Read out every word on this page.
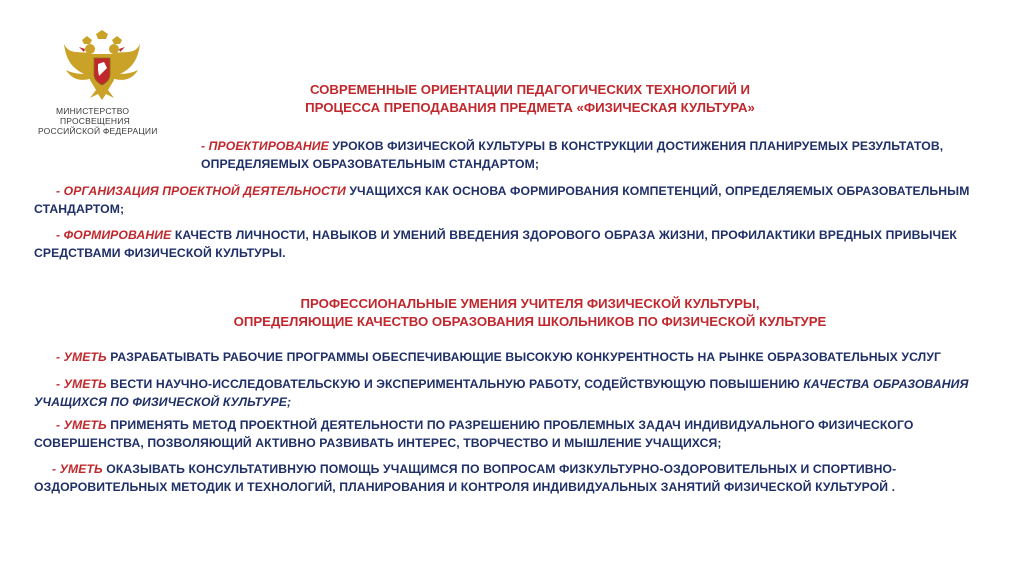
МИНИСТЕРСТВО
ПРОСВЕЩЕНИЯ
РОССИЙСКОЙ ФЕДЕРАЦИИ
СОВРЕМЕННЫЕ ОРИЕНТАЦИИ ПЕДАГОГИЧЕСКИХ ТЕХНОЛОГИЙ И
ПРОЦЕССА ПРЕПОДАВАНИЯ ПРЕДМЕТА «ФИЗИЧЕСКАЯ КУЛЬТУРА»
- ПРОЕКТИРОВАНИЕ УРОКОВ ФИЗИЧЕСКОЙ КУЛЬТУРЫ В КОНСТРУКЦИИ ДОСТИЖЕНИЯ ПЛАНИРУЕМЫХ РЕЗУЛЬТАТОВ,
ОПРЕДЕЛЯЕМЫХ ОБРАЗОВАТЕЛЬНЫМ СТАНДАРТОМ;
- ОРГАНИЗАЦИЯ ПРОЕКТНОЙ ДЕЯТЕЛЬНОСТИ УЧАЩИХСЯ КАК ОСНОВА ФОРМИРОВАНИЯ КОМПЕТЕНЦИЙ, ОПРЕДЕЛЯЕМЫХ ОБРАЗОВАТЕЛЬНЫМ СТАНДАРТОМ;
- ФОРМИРОВАНИЕ КАЧЕСТВ ЛИЧНОСТИ, НАВЫКОВ И УМЕНИЙ ВВЕДЕНИЯ ЗДОРОВОГО ОБРАЗА ЖИЗНИ, ПРОФИЛАКТИКИ ВРЕДНЫХ ПРИВЫЧЕК СРЕДСТВАМИ ФИЗИЧЕСКОЙ КУЛЬТУРЫ.
ПРОФЕССИОНАЛЬНЫЕ УМЕНИЯ УЧИТЕЛЯ ФИЗИЧЕСКОЙ КУЛЬТУРЫ,
ОПРЕДЕЛЯЮЩИЕ КАЧЕСТВО ОБРАЗОВАНИЯ ШКОЛЬНИКОВ ПО ФИЗИЧЕСКОЙ КУЛЬТУРЕ
- УМЕТЬ РАЗРАБАТЫВАТЬ РАБОЧИЕ ПРОГРАММЫ ОБЕСПЕЧИВАЮЩИЕ ВЫСОКУЮ КОНКУРЕНТНОСТЬ НА РЫНКЕ ОБРАЗОВАТЕЛЬНЫХ УСЛУГ
- УМЕТЬ ВЕСТИ НАУЧНО-ИССЛЕДОВАТЕЛЬСКУЮ И ЭКСПЕРИМЕНТАЛЬНУЮ РАБОТУ, СОДЕЙСТВУЮЩУЮ ПОВЫШЕНИЮ КАЧЕСТВА ОБРАЗОВАНИЯ УЧАЩИХСЯ ПО ФИЗИЧЕСКОЙ КУЛЬТУРЕ;
- УМЕТЬ ПРИМЕНЯТЬ МЕТОД ПРОЕКТНОЙ ДЕЯТЕЛЬНОСТИ ПО РАЗРЕШЕНИЮ ПРОБЛЕМНЫХ ЗАДАЧ ИНДИВИДУАЛЬНОГО ФИЗИЧЕСКОГО СОВЕРШЕНСТВА, ПОЗВОЛЯЮЩИЙ АКТИВНО РАЗВИВАТЬ ИНТЕРЕС, ТВОРЧЕСТВО И МЫШЛЕНИЕ УЧАЩИХСЯ;
- УМЕТЬ ОКАЗЫВАТЬ КОНСУЛЬТАТИВНУЮ ПОМОЩЬ УЧАЩИМСЯ ПО ВОПРОСАМ ФИЗКУЛЬТУРНО-ОЗДОРОВИТЕЛЬНЫХ И СПОРТИВНО-ОЗДОРОВИТЕЛЬНЫХ МЕТОДИК И ТЕХНОЛОГИЙ, ПЛАНИРОВАНИЯ И КОНТРОЛЯ ИНДИВИДУАЛЬНЫХ ЗАНЯТИЙ ФИЗИЧЕСКОЙ КУЛЬТУРОЙ .
